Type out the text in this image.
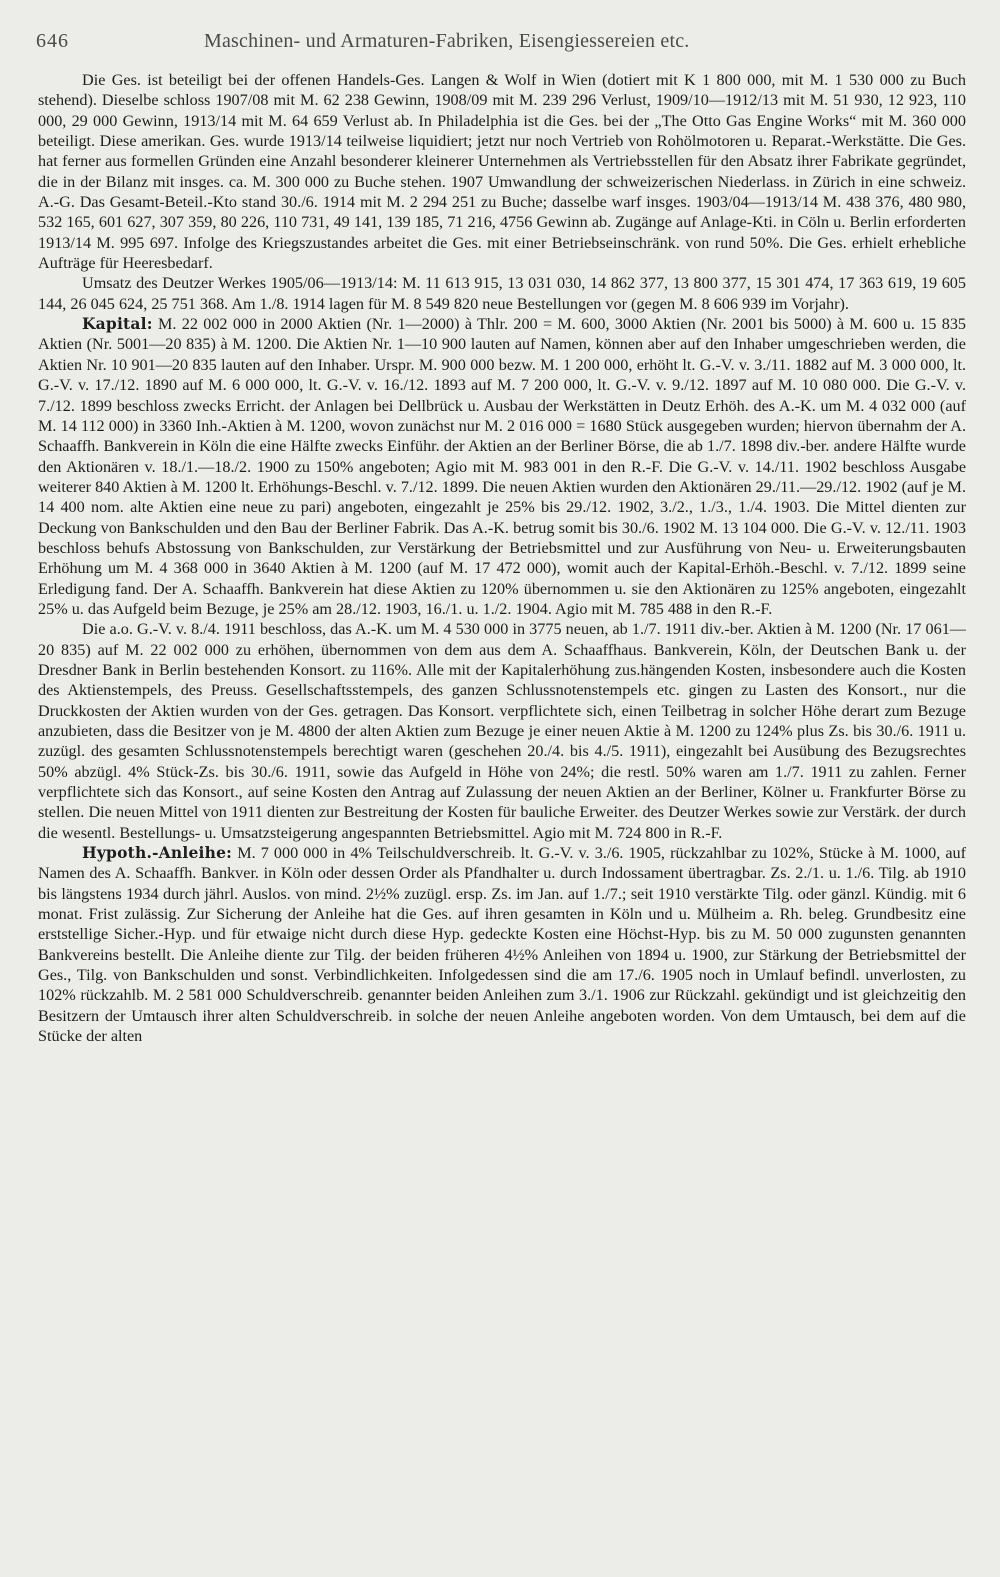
646	Maschinen- und Armaturen-Fabriken, Eisengiessereien etc.

Die Ges. ist beteiligt bei der offenen Handels-Ges. Langen & Wolf in Wien (dotiert mit K 1 800 000, mit M. 1 530 000 zu Buch stehend). Dieselbe schloss 1907/08 mit M. 62 238 Gewinn, 1908/09 mit M. 239 296 Verlust, 1909/10—1912/13 mit M. 51 930, 12 923, 110 000, 29 000 Gewinn, 1913/14 mit M. 64 659 Verlust ab. In Philadelphia ist die Ges. bei der „The Otto Gas Engine Works“ mit M. 360 000 beteiligt. Diese amerikan. Ges. wurde 1913/14 teilweise liquidiert; jetzt nur noch Vertrieb von Rohölmotoren u. Reparat.-Werkstätte. Die Ges. hat ferner aus formellen Gründen eine Anzahl besonderer kleinerer Unternehmen als Vertriebsstellen für den Absatz ihrer Fabrikate gegründet, die in der Bilanz mit insges. ca. M. 300 000 zu Buche stehen. 1907 Umwandlung der schweizerischen Niederlass. in Zürich in eine schweiz. A.-G. Das Gesamt-Beteil.-Kto stand 30./6. 1914 mit M. 2 294 251 zu Buche; dasselbe warf insges. 1903/04—1913/14 M. 438 376, 480 980, 532 165, 601 627, 307 359, 80 226, 110 731, 49 141, 139 185, 71 216, 4756 Gewinn ab. Zugänge auf Anlage-Kti. in Cöln u. Berlin erforderten 1913/14 M. 995 697. Infolge des Kriegszustandes arbeitet die Ges. mit einer Betriebseinschränk. von rund 50%. Die Ges. erhielt erhebliche Aufträge für Heeresbedarf.

Umsatz des Deutzer Werkes 1905/06—1913/14: M. 11 613 915, 13 031 030, 14 862 377, 13 800 377, 15 301 474, 17 363 619, 19 605 144, 26 045 624, 25 751 368. Am 1./8. 1914 lagen für M. 8 549 820 neue Bestellungen vor (gegen M. 8 606 939 im Vorjahr).

Kapital: M. 22 002 000 in 2000 Aktien (Nr. 1—2000) à Thlr. 200 = M. 600, 3000 Aktien (Nr. 2001 bis 5000) à M. 600 u. 15 835 Aktien (Nr. 5001—20 835) à M. 1200. Die Aktien Nr. 1—10 900 lauten auf Namen, können aber auf den Inhaber umgeschrieben werden, die Aktien Nr. 10 901—20 835 lauten auf den Inhaber. Urspr. M. 900 000 bezw. M. 1 200 000, erhöht lt. G.-V. v. 3./11. 1882 auf M. 3 000 000, lt. G.-V. v. 17./12. 1890 auf M. 6 000 000, lt. G.-V. v. 16./12. 1893 auf M. 7 200 000, lt. G.-V. v. 9./12. 1897 auf M. 10 080 000. Die G.-V. v. 7./12. 1899 beschloss zwecks Erricht. der Anlagen bei Dellbrück u. Ausbau der Werkstätten in Deutz Erhöh. des A.-K. um M. 4 032 000 (auf M. 14 112 000) in 3360 Inh.-Aktien à M. 1200, wovon zunächst nur M. 2 016 000 = 1680 Stück ausgegeben wurden; hiervon übernahm der A. Schaaffh. Bankverein in Köln die eine Hälfte zwecks Einführ. der Aktien an der Berliner Börse, die ab 1./7. 1898 div.-ber. andere Hälfte wurde den Aktionären v. 18./1.—18./2. 1900 zu 150% angeboten; Agio mit M. 983 001 in den R.-F. Die G.-V. v. 14./11. 1902 beschloss Ausgabe weiterer 840 Aktien à M. 1200 lt. Erhöhungs-Beschl. v. 7./12. 1899. Die neuen Aktien wurden den Aktionären 29./11.—29./12. 1902 (auf je M. 14 400 nom. alte Aktien eine neue zu pari) angeboten, eingezahlt je 25% bis 29./12. 1902, 3./2., 1./3., 1./4. 1903. Die Mittel dienten zur Deckung von Bankschulden und den Bau der Berliner Fabrik. Das A.-K. betrug somit bis 30./6. 1902 M. 13 104 000. Die G.-V. v. 12./11. 1903 beschloss behufs Abstossung von Bankschulden, zur Verstärkung der Betriebsmittel und zur Ausführung von Neu- u. Erweiterungsbauten Erhöhung um M. 4 368 000 in 3640 Aktien à M. 1200 (auf M. 17 472 000), womit auch der Kapital-Erhöh.-Beschl. v. 7./12. 1899 seine Erledigung fand. Der A. Schaaffh. Bankverein hat diese Aktien zu 120% übernommen u. sie den Aktionären zu 125% angeboten, eingezahlt 25% u. das Aufgeld beim Bezuge, je 25% am 28./12. 1903, 16./1. u. 1./2. 1904. Agio mit M. 785 488 in den R.-F.

Die a.o. G.-V. v. 8./4. 1911 beschloss, das A.-K. um M. 4 530 000 in 3775 neuen, ab 1./7. 1911 div.-ber. Aktien à M. 1200 (Nr. 17 061—20 835) auf M. 22 002 000 zu erhöhen, übernommen von dem aus dem A. Schaaffhaus. Bankverein, Köln, der Deutschen Bank u. der Dresdner Bank in Berlin bestehenden Konsort. zu 116%. Alle mit der Kapitalerhöhung zus.hängenden Kosten, insbesondere auch die Kosten des Aktienstempels, des Preuss. Gesellschaftsstempels, des ganzen Schlussnotenstempels etc. gingen zu Lasten des Konsort., nur die Druckkosten der Aktien wurden von der Ges. getragen. Das Konsort. verpflichtete sich, einen Teilbetrag in solcher Höhe derart zum Bezuge anzubieten, dass die Besitzer von je M. 4800 der alten Aktien zum Bezuge je einer neuen Aktie à M. 1200 zu 124% plus Zs. bis 30./6. 1911 u. zuzügl. des gesamten Schlussnotenstempels berechtigt waren (geschehen 20./4. bis 4./5. 1911), eingezahlt bei Ausübung des Bezugsrechtes 50% abzügl. 4% Stück-Zs. bis 30./6. 1911, sowie das Aufgeld in Höhe von 24%; die restl. 50% waren am 1./7. 1911 zu zahlen. Ferner verpflichtete sich das Konsort., auf seine Kosten den Antrag auf Zulassung der neuen Aktien an der Berliner, Kölner u. Frankfurter Börse zu stellen. Die neuen Mittel von 1911 dienten zur Bestreitung der Kosten für bauliche Erweiter. des Deutzer Werkes sowie zur Verstärk. der durch die wesentl. Bestellungs- u. Umsatzsteigerung angespannten Betriebsmittel. Agio mit M. 724 800 in R.-F.

Hypoth.-Anleihe: M. 7 000 000 in 4% Teilschuldverschreib. lt. G.-V. v. 3./6. 1905, rückzahlbar zu 102%, Stücke à M. 1000, auf Namen des A. Schaaffh. Bankver. in Köln oder dessen Order als Pfandhalter u. durch Indossament übertragbar. Zs. 2./1. u. 1./6. Tilg. ab 1910 bis längstens 1934 durch jährl. Auslos. von mind. 2½% zuzügl. ersp. Zs. im Jan. auf 1./7.; seit 1910 verstärkte Tilg. oder gänzl. Kündig. mit 6 monat. Frist zulässig. Zur Sicherung der Anleihe hat die Ges. auf ihren gesamten in Köln und u. Mülheim a. Rh. beleg. Grundbesitz eine erststellige Sicher.-Hyp. und für etwaige nicht durch diese Hyp. gedeckte Kosten eine Höchst-Hyp. bis zu M. 50 000 zugunsten genannten Bankvereins bestellt. Die Anleihe diente zur Tilg. der beiden früheren 4½% Anleihen von 1894 u. 1900, zur Stärkung der Betriebsmittel der Ges., Tilg. von Bankschulden und sonst. Verbindlichkeiten. Infolgedessen sind die am 17./6. 1905 noch in Umlauf befindl. unverlosten, zu 102% rückzahlb. M. 2 581 000 Schuldverschreib. genannter beiden Anleihen zum 3./1. 1906 zur Rückzahl. gekündigt und ist gleichzeitig den Besitzern der Umtausch ihrer alten Schuldverschreib. in solche der neuen Anleihe angeboten worden. Von dem Umtausch, bei dem auf die Stücke der alten
